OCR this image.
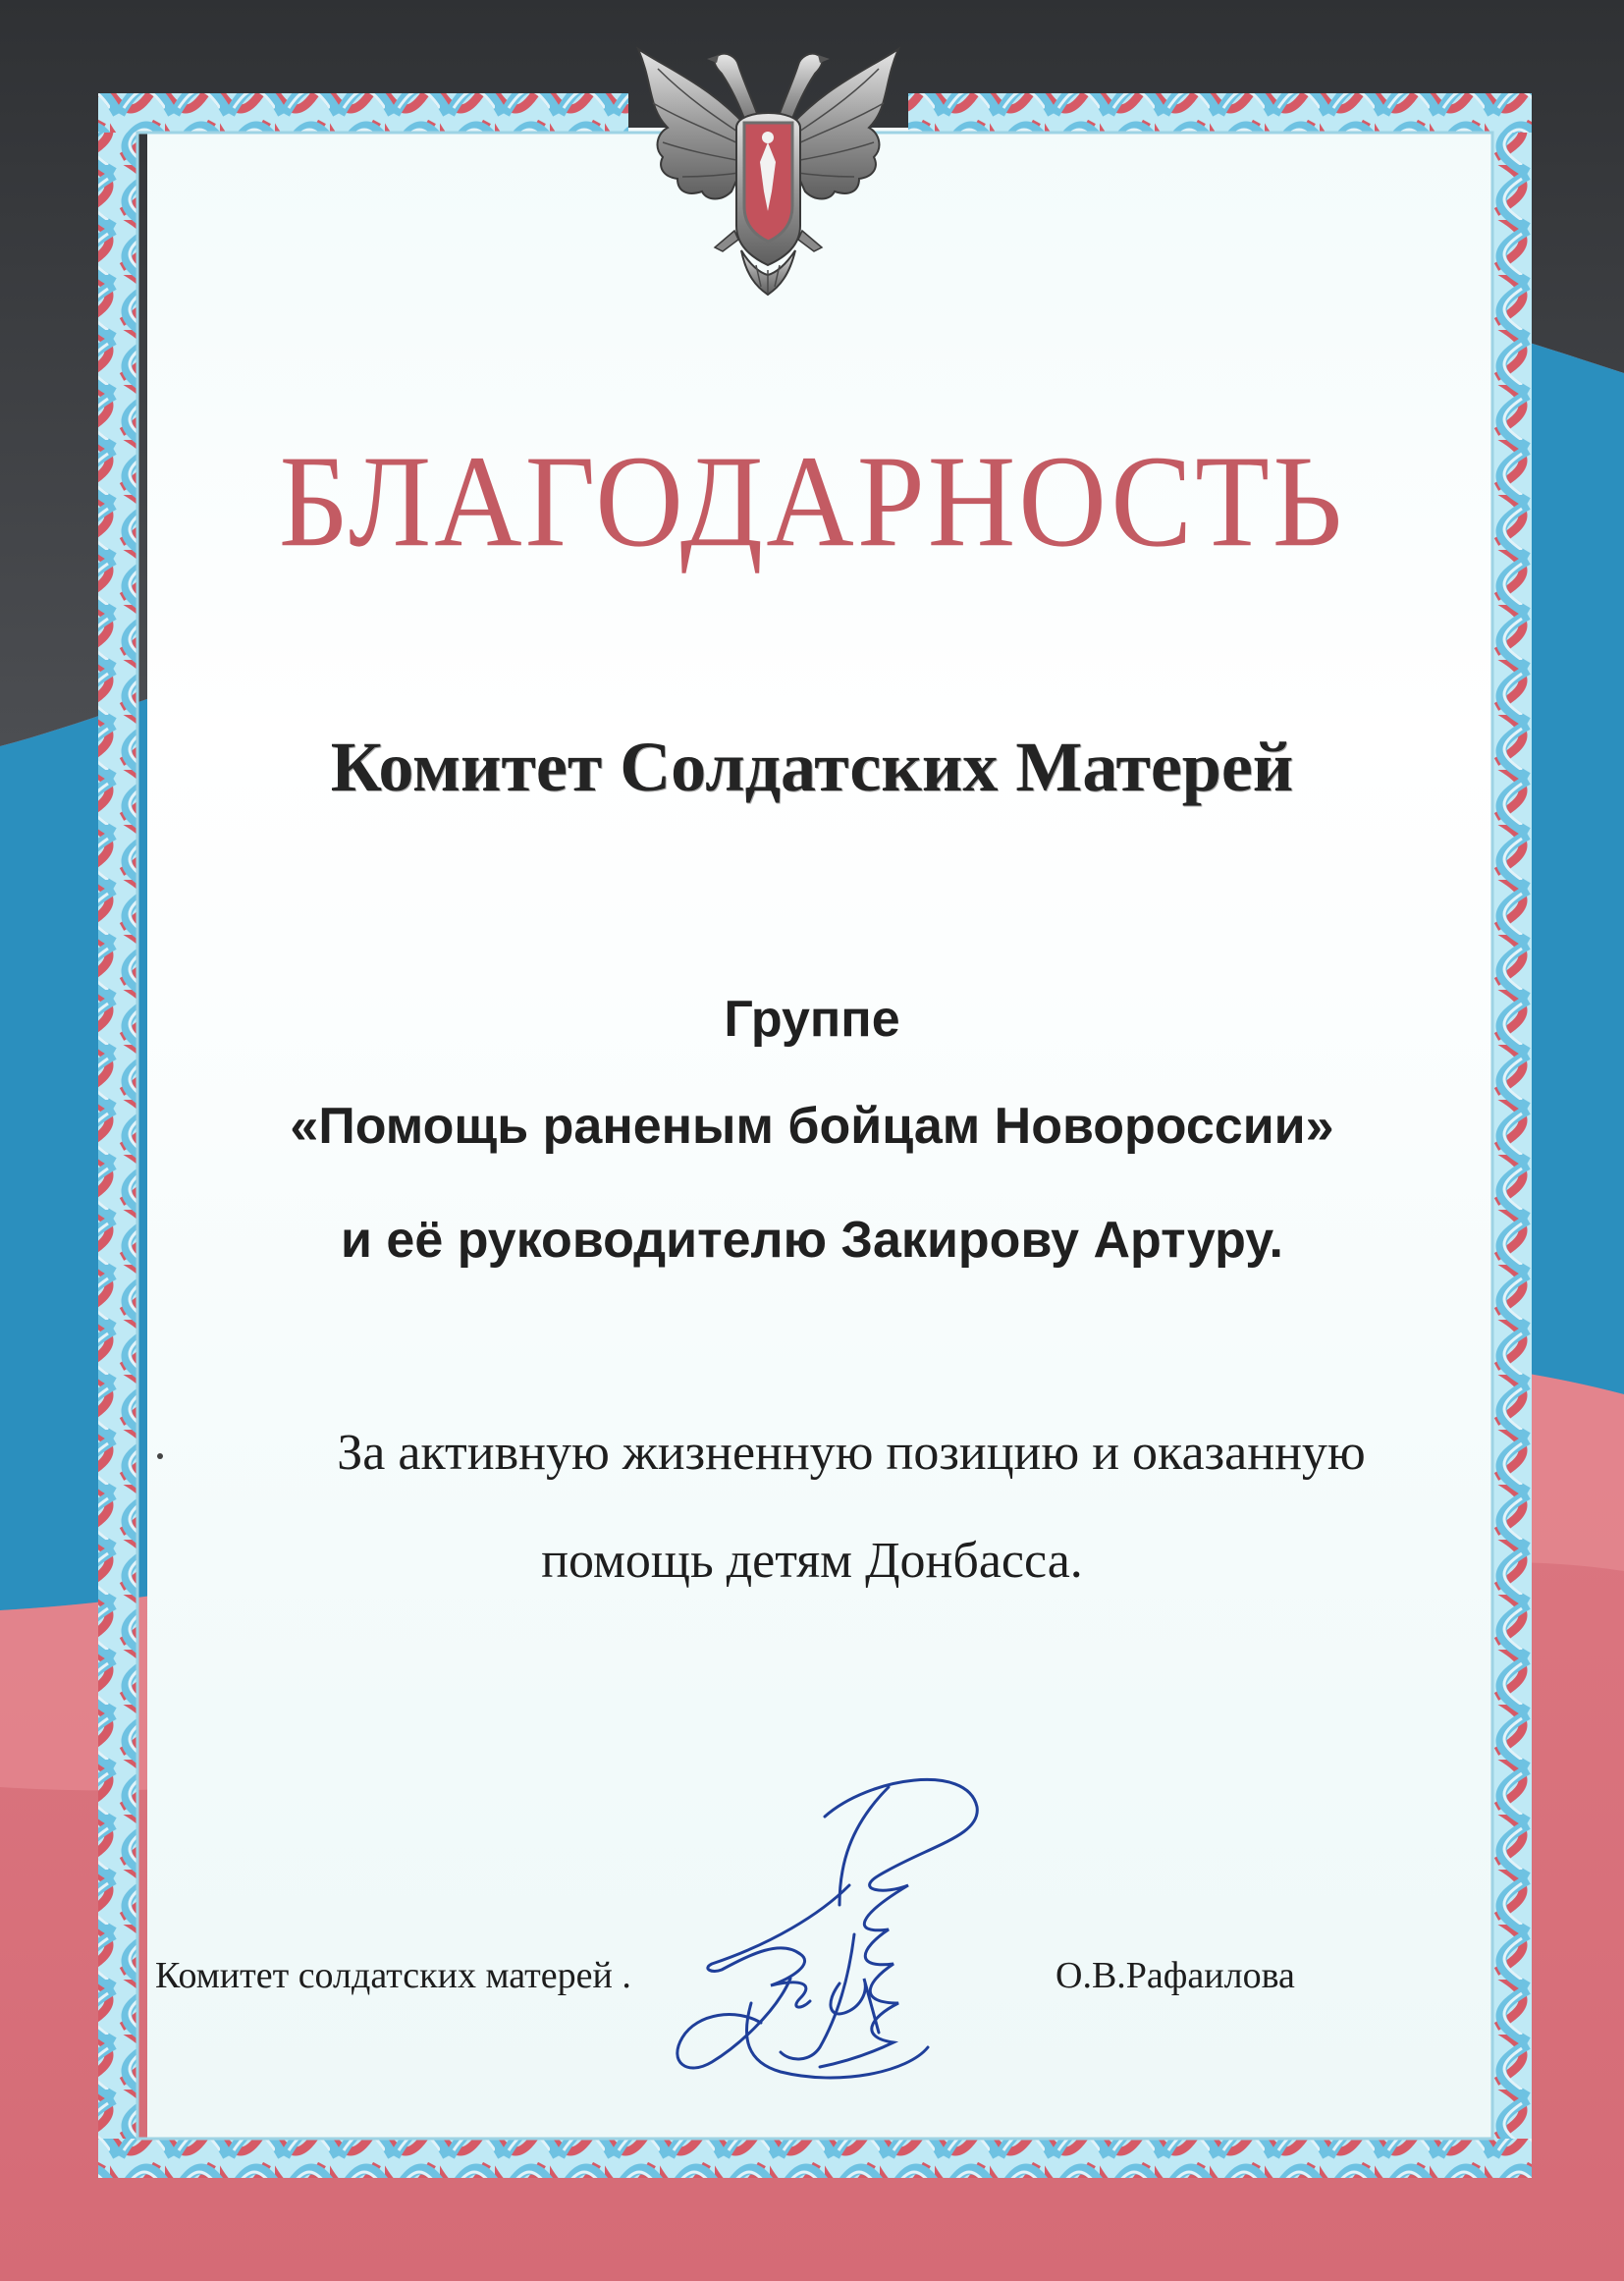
БЛАГОДАРНОСТЬ
Комитет Солдатских Матерей
Группе
«Помощь раненым бойцам Новороссии»
и её руководителю Закирову Артуру.
За активную жизненную позицию и оказанную
помощь детям Донбасса.
Комитет солдатских матерей .	О.В.Рафаилова
